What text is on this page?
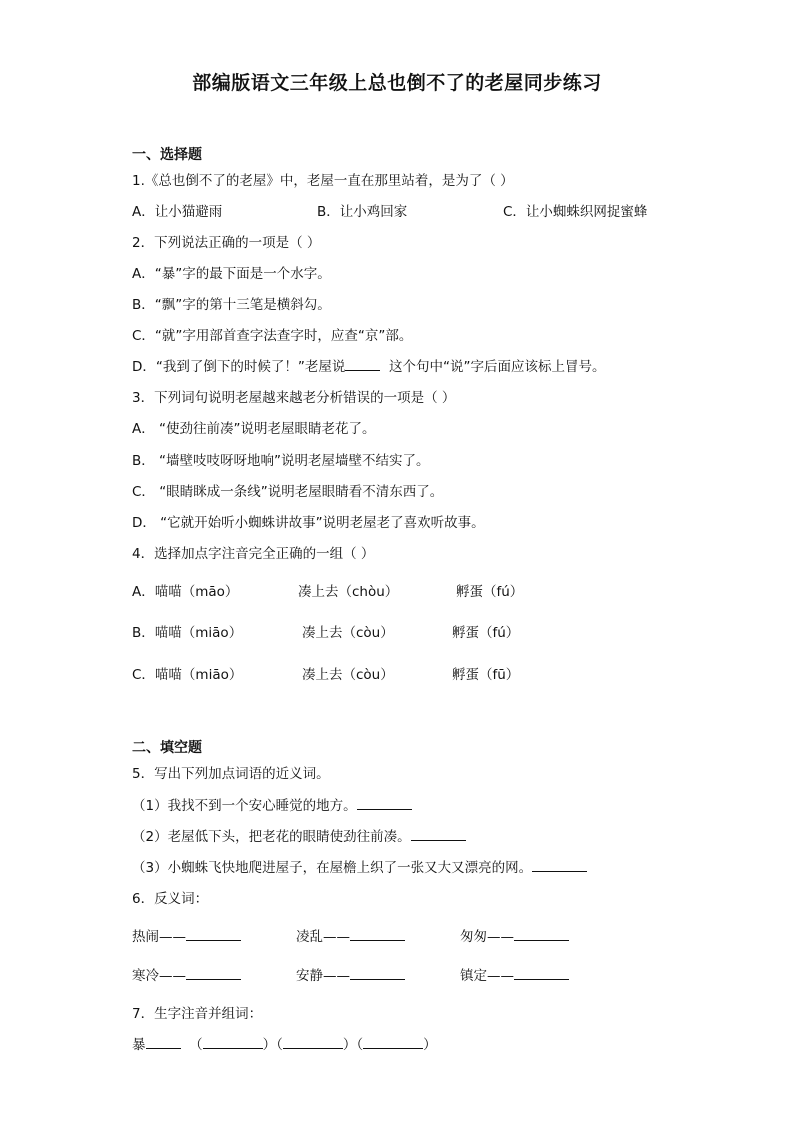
部编版语文三年级上总也倒不了的老屋同步练习

一、选择题

1.《总也倒不了的老屋》中，老屋一直在那里站着，是为了（ ）

A．让小猫避雨	B．让小鸡回家	C．让小蜘蛛织网捉蜜蜂

2．下列说法正确的一项是（ ）

A．“暴”字的最下面是一个水字。

B．“飘”字的第十三笔是横斜勾。

C．“就”字用部首查字法查字时，应查“京”部。

D．“我到了倒下的时候了！”老屋说	这个句中“说”字后面应该标上冒号。

3．下列词句说明老屋越来越老分析错误的一项是（ ）

A． “使劲往前凑”说明老屋眼睛老花了。

B． “墙壁吱吱呀呀地响”说明老屋墙壁不结实了。

C． “眼睛眯成一条线”说明老屋眼睛看不清东西了。

D． “它就开始听小蜘蛛讲故事”说明老屋老了喜欢听故事。

4．选择加点字注音完全正确的一组（ ）

A．喵喵（māo）	凑上去（chòu）	孵蛋（fú）
B．喵喵（miāo）	凑上去（còu）	孵蛋（fú）
C．喵喵（miāo）	凑上去（còu）	孵蛋（fū）

二、填空题

5．写出下列加点词语的近义词。

（1）我找不到一个安心睡觉的地方。

（2）老屋低下头，把老花的眼睛使劲往前凑。

（3）小蜘蛛飞快地爬进屋子，在屋檐上织了一张又大又漂亮的网。

6．反义词：

热闹——	凌乱——	匆匆——
寒冷——	安静——	镇定——

7．生字注音并组词：

暴	（	）（	）（	）
